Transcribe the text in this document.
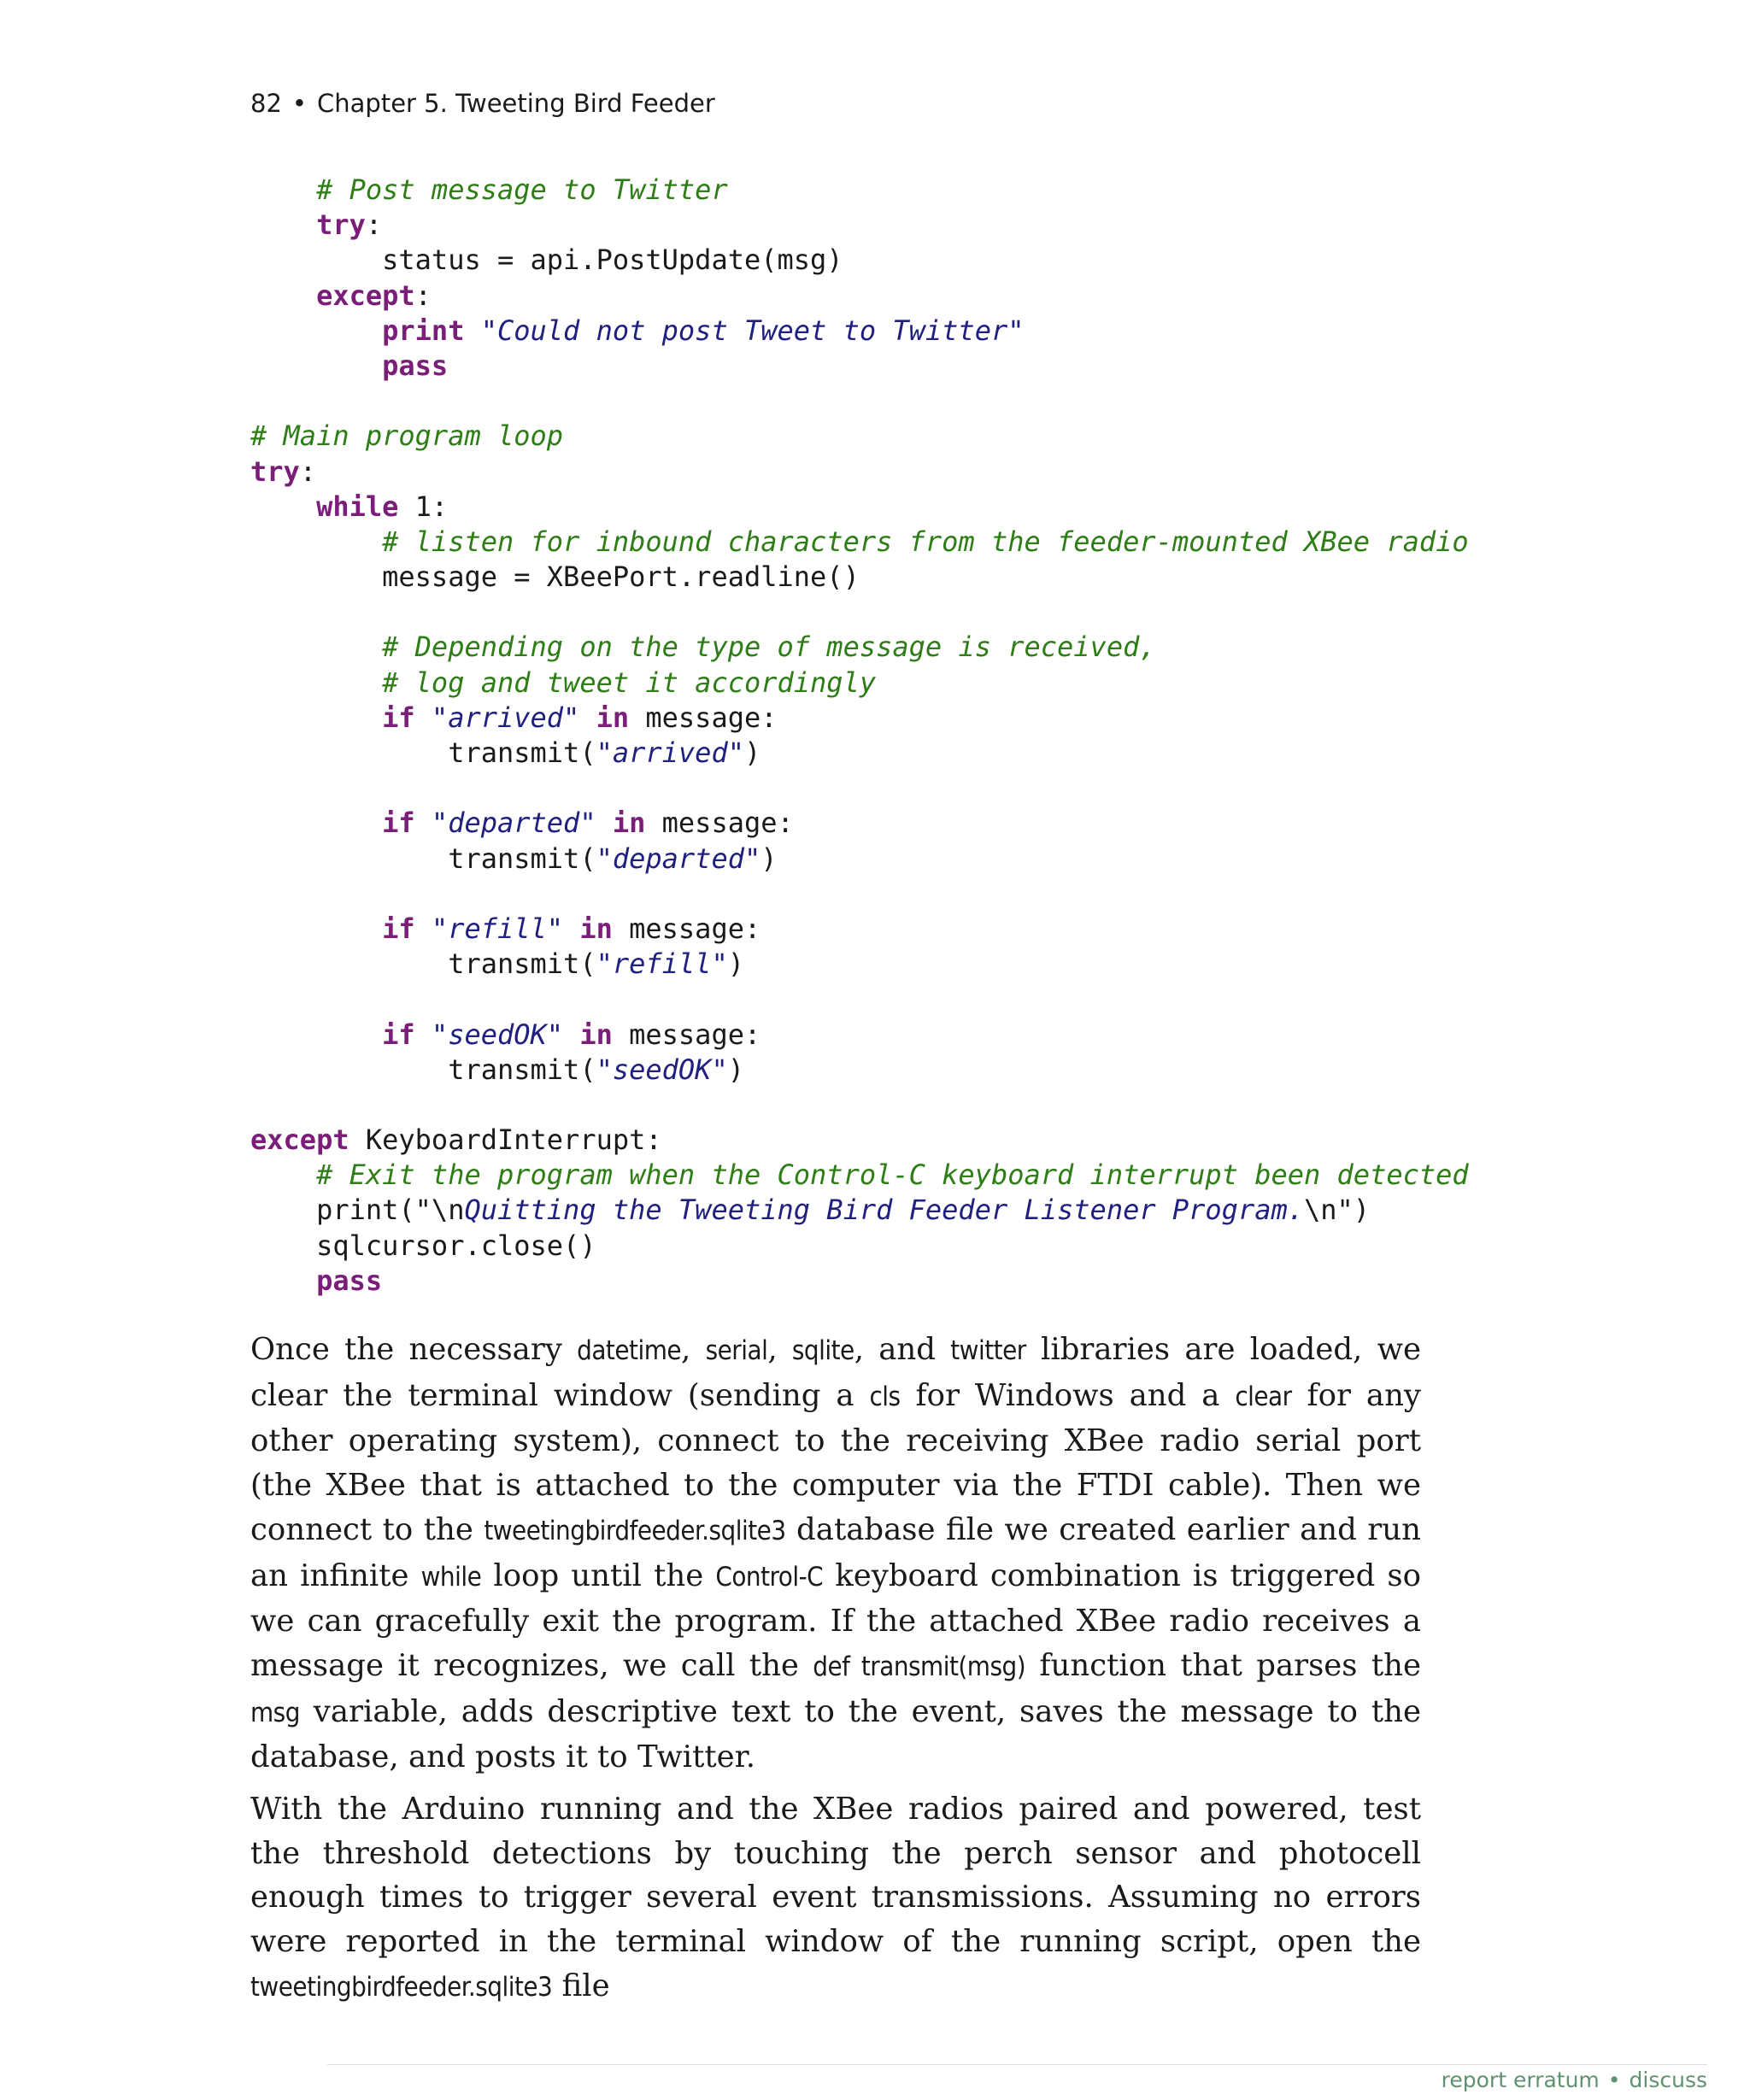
82 • Chapter 5. Tweeting Bird Feeder
# Post message to Twitter
try:
status = api.PostUpdate(msg)
except:
print "Could not post Tweet to Twitter"
pass
# Main program loop
try:
while 1:
# listen for inbound characters from the feeder-mounted XBee radio
message = XBeePort.readline()
# Depending on the type of message is received,
# log and tweet it accordingly
if "arrived" in message:
transmit("arrived")
if "departed" in message:
transmit("departed")
if "refill" in message:
transmit("refill")
if "seedOK" in message:
transmit("seedOK")
except KeyboardInterrupt:
# Exit the program when the Control-C keyboard interrupt been detected
print("\nQuitting the Tweeting Bird Feeder Listener Program.\n")
sqlcursor.close()
pass

Once the necessary datetime, serial, sqlite, and twitter libraries are loaded, we clear the terminal window (sending a cls for Windows and a clear for any other operating system), connect to the receiving XBee radio serial port (the XBee that is attached to the computer via the FTDI cable). Then we connect to the tweetingbirdfeeder.sqlite3 database file we created earlier and run an infinite while loop until the Control-C keyboard combination is triggered so we can gracefully exit the program. If the attached XBee radio receives a message it recognizes, we call the def transmit(msg) function that parses the msg variable, adds descriptive text to the event, saves the message to the database, and posts it to Twitter.

With the Arduino running and the XBee radios paired and powered, test the threshold detections by touching the perch sensor and photocell enough times to trigger several event transmissions. Assuming no errors were reported in the terminal window of the running script, open the tweetingbirdfeeder.sqlite3 file

report erratum • discuss
